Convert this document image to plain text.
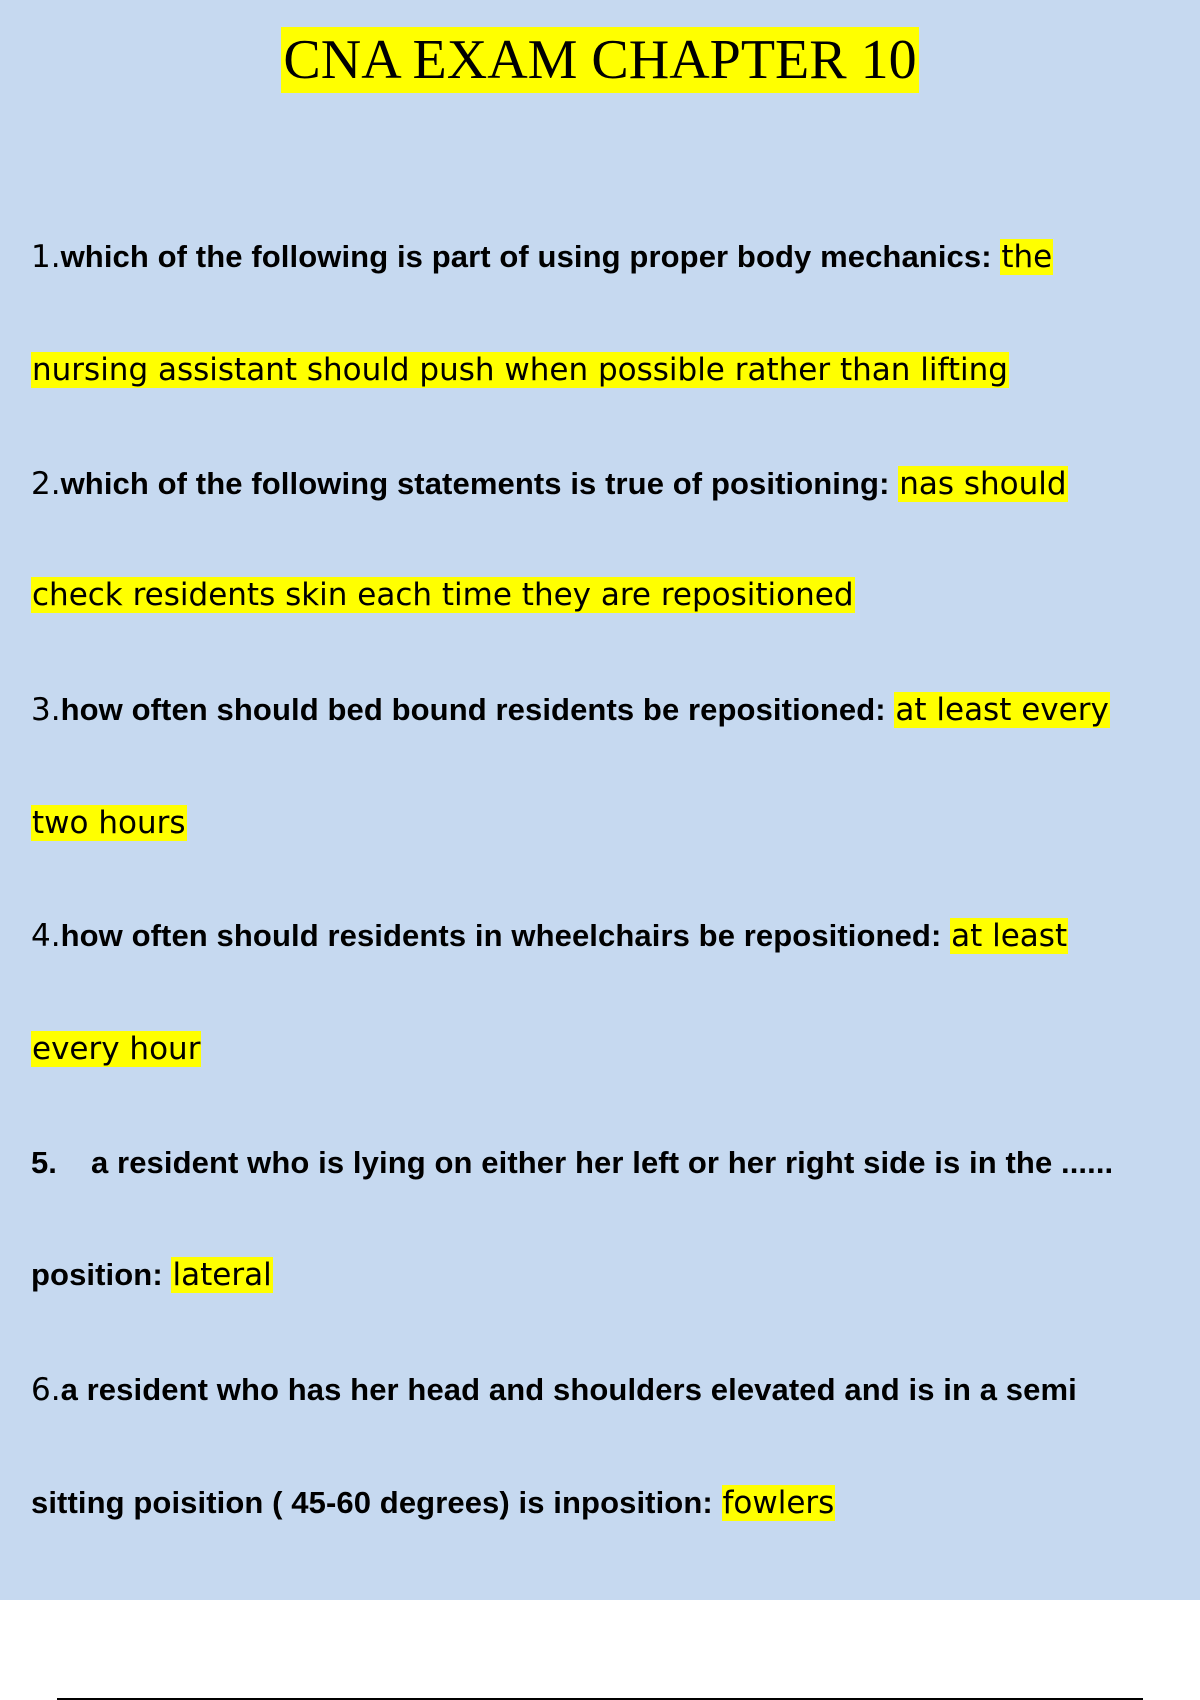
CNA EXAM CHAPTER 10
1.which of the following is part of using proper body mechanics: the
nursing assistant should push when possible rather than lifting
2.which of the following statements is true of positioning: nas should
check residents skin each time they are repositioned
3.how often should bed bound residents be repositioned: at least every
two hours
4.how often should residents in wheelchairs be repositioned: at least
every hour
5. a resident who is lying on either her left or her right side is in the ......
position: lateral
6.a resident who has her head and shoulders elevated and is in a semi
sitting poisition ( 45-60 degrees) is inposition: fowlers
